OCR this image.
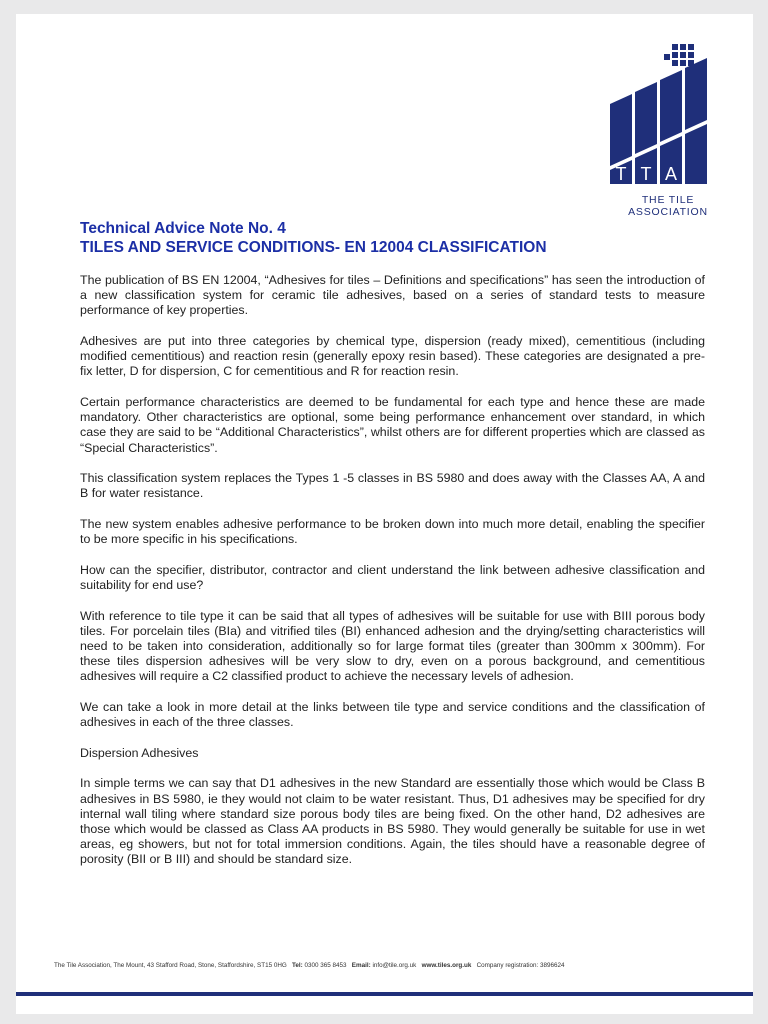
T T A
THE TILE
ASSOCIATION
Technical Advice Note No. 4
TILES AND SERVICE CONDITIONS- EN 12004 CLASSIFICATION

The publication of BS EN 12004, “Adhesives for tiles – Definitions and specifications” has seen the introduction of a new classification system for ceramic tile adhesives, based on a series of standard tests to measure performance of key properties.

Adhesives are put into three categories by chemical type, dispersion (ready mixed), cementitious (including modified cementitious) and reaction resin (generally epoxy resin based). These categories are designated a pre-fix letter, D for dispersion, C for cementitious and R for reaction resin.

Certain performance characteristics are deemed to be fundamental for each type and hence these are made mandatory. Other characteristics are optional, some being performance enhancement over standard, in which case they are said to be “Additional Characteristics”, whilst others are for different properties which are classed as “Special Characteristics”.

This classification system replaces the Types 1 -5 classes in BS 5980 and does away with the Classes AA, A and B for water resistance.

The new system enables adhesive performance to be broken down into much more detail, enabling the specifier to be more specific in his specifications.

How can the specifier, distributor, contractor and client understand the link between adhesive classification and suitability for end use?

With reference to tile type it can be said that all types of adhesives will be suitable for use with BIII porous body tiles. For porcelain tiles (BIa) and vitrified tiles (BI) enhanced adhesion and the drying/setting characteristics will need to be taken into consideration, additionally so for large format tiles (greater than 300mm x 300mm). For these tiles dispersion adhesives will be very slow to dry, even on a porous background, and cementitious adhesives will require a C2 classified product to achieve the necessary levels of adhesion.

We can take a look in more detail at the links between tile type and service conditions and the classification of adhesives in each of the three classes.

Dispersion Adhesives

In simple terms we can say that D1 adhesives in the new Standard are essentially those which would be Class B adhesives in BS 5980, ie they would not claim to be water resistant. Thus, D1 adhesives may be specified for dry internal wall tiling where standard size porous body tiles are being fixed. On the other hand, D2 adhesives are those which would be classed as Class AA products in BS 5980. They would generally be suitable for use in wet areas, eg showers, but not for total immersion conditions. Again, the tiles should have a reasonable degree of porosity (BII or B III) and should be standard size.

The Tile Association, The Mount, 43 Stafford Road, Stone, Staffordshire, ST15 0HG Tel: 0300 365 8453 Email: info@tile.org.uk www.tiles.org.uk Company registration: 3896624
